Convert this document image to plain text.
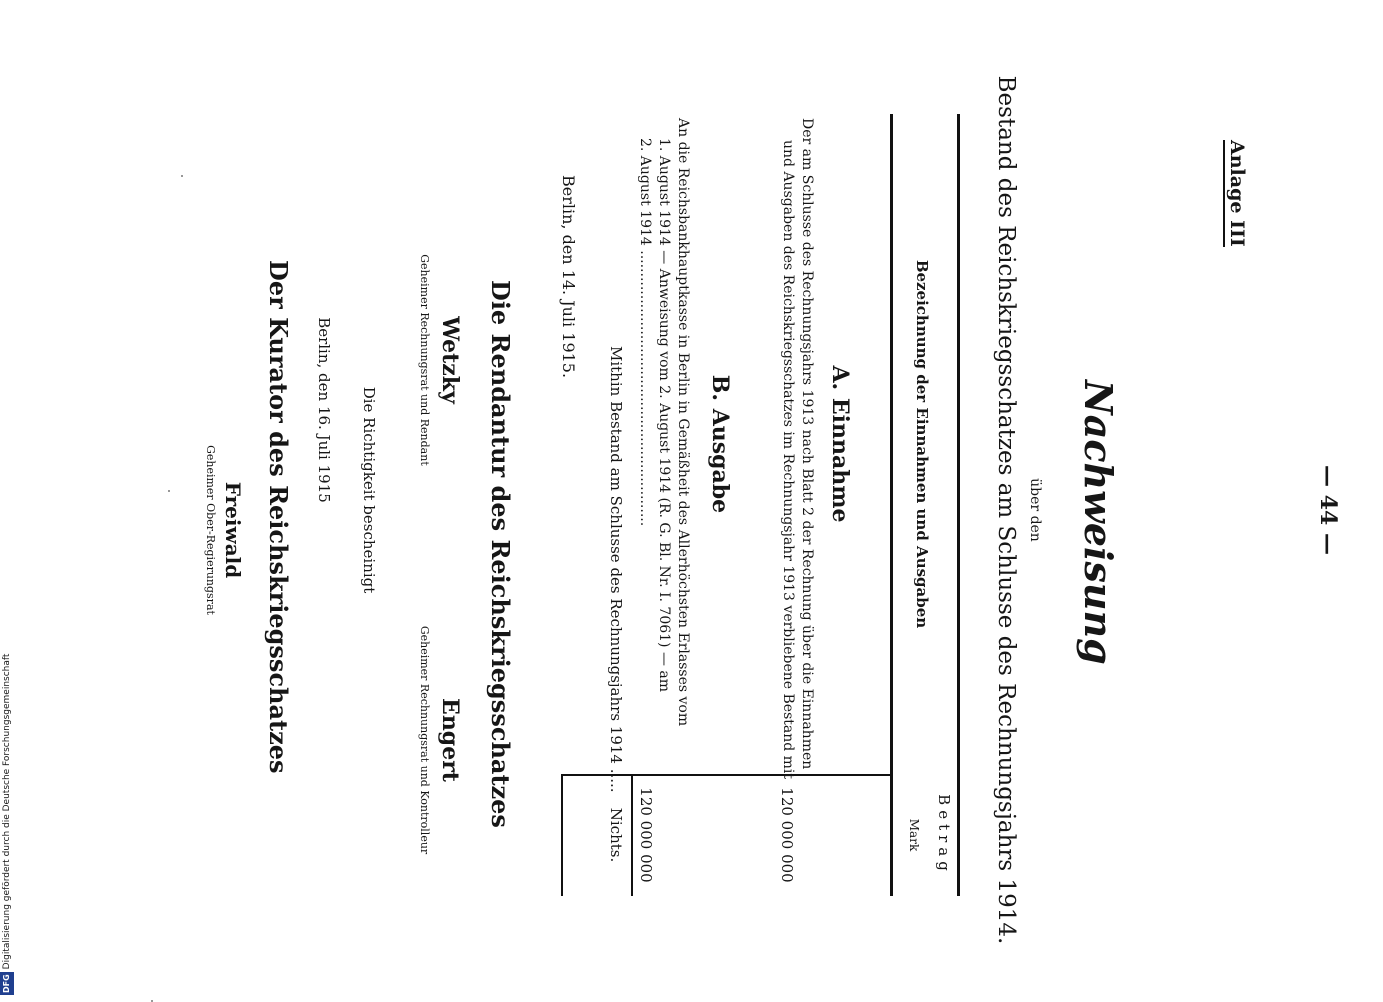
— 44 —
Anlage III
Nachweisung
über den
Bestand des Reichskriegsschatzes am Schlusse des Rechnungsjahrs 1914.
Bezeichnung der Einnahmen und Ausgaben
Betrag
Mark
A. Einnahme
Der am Schlusse des Rechnungsjahrs 1913 nach Blatt 2 der Rechnung über die Einnahmen
und Ausgaben des Reichskriegsschatzes im Rechnungsjahr 1913 verbliebene Bestand mit
120 000 000
B. Ausgabe
An die Reichsbankhauptkasse in Berlin in Gemäßheit des Allerhöchsten Erlasses vom
1. August 1914 — Anweisung vom 2. August 1914 (R. G. Bl. Nr. I. 7061) — am
2. August 1914 ..............................................................
120 000 000
Mithin Bestand am Schlusse des Rechnungsjahrs 1914 .....
Nichts.
Berlin, den 14. Juli 1915.
Die Rendantur des Reichskriegsschatzes
Wetzky
Geheimer Rechnungsrat und Rendant
Engert
Geheimer Rechnungsrat und Kontrolleur
Die Richtigkeit bescheinigt
Berlin, den 16. Juli 1915
Der Kurator des Reichskriegsschatzes
Freiwald
Geheimer Ober-Regierungsrat
DFGDigitalisierung gefördert durch die Deutsche Forschungsgemeinschaft
